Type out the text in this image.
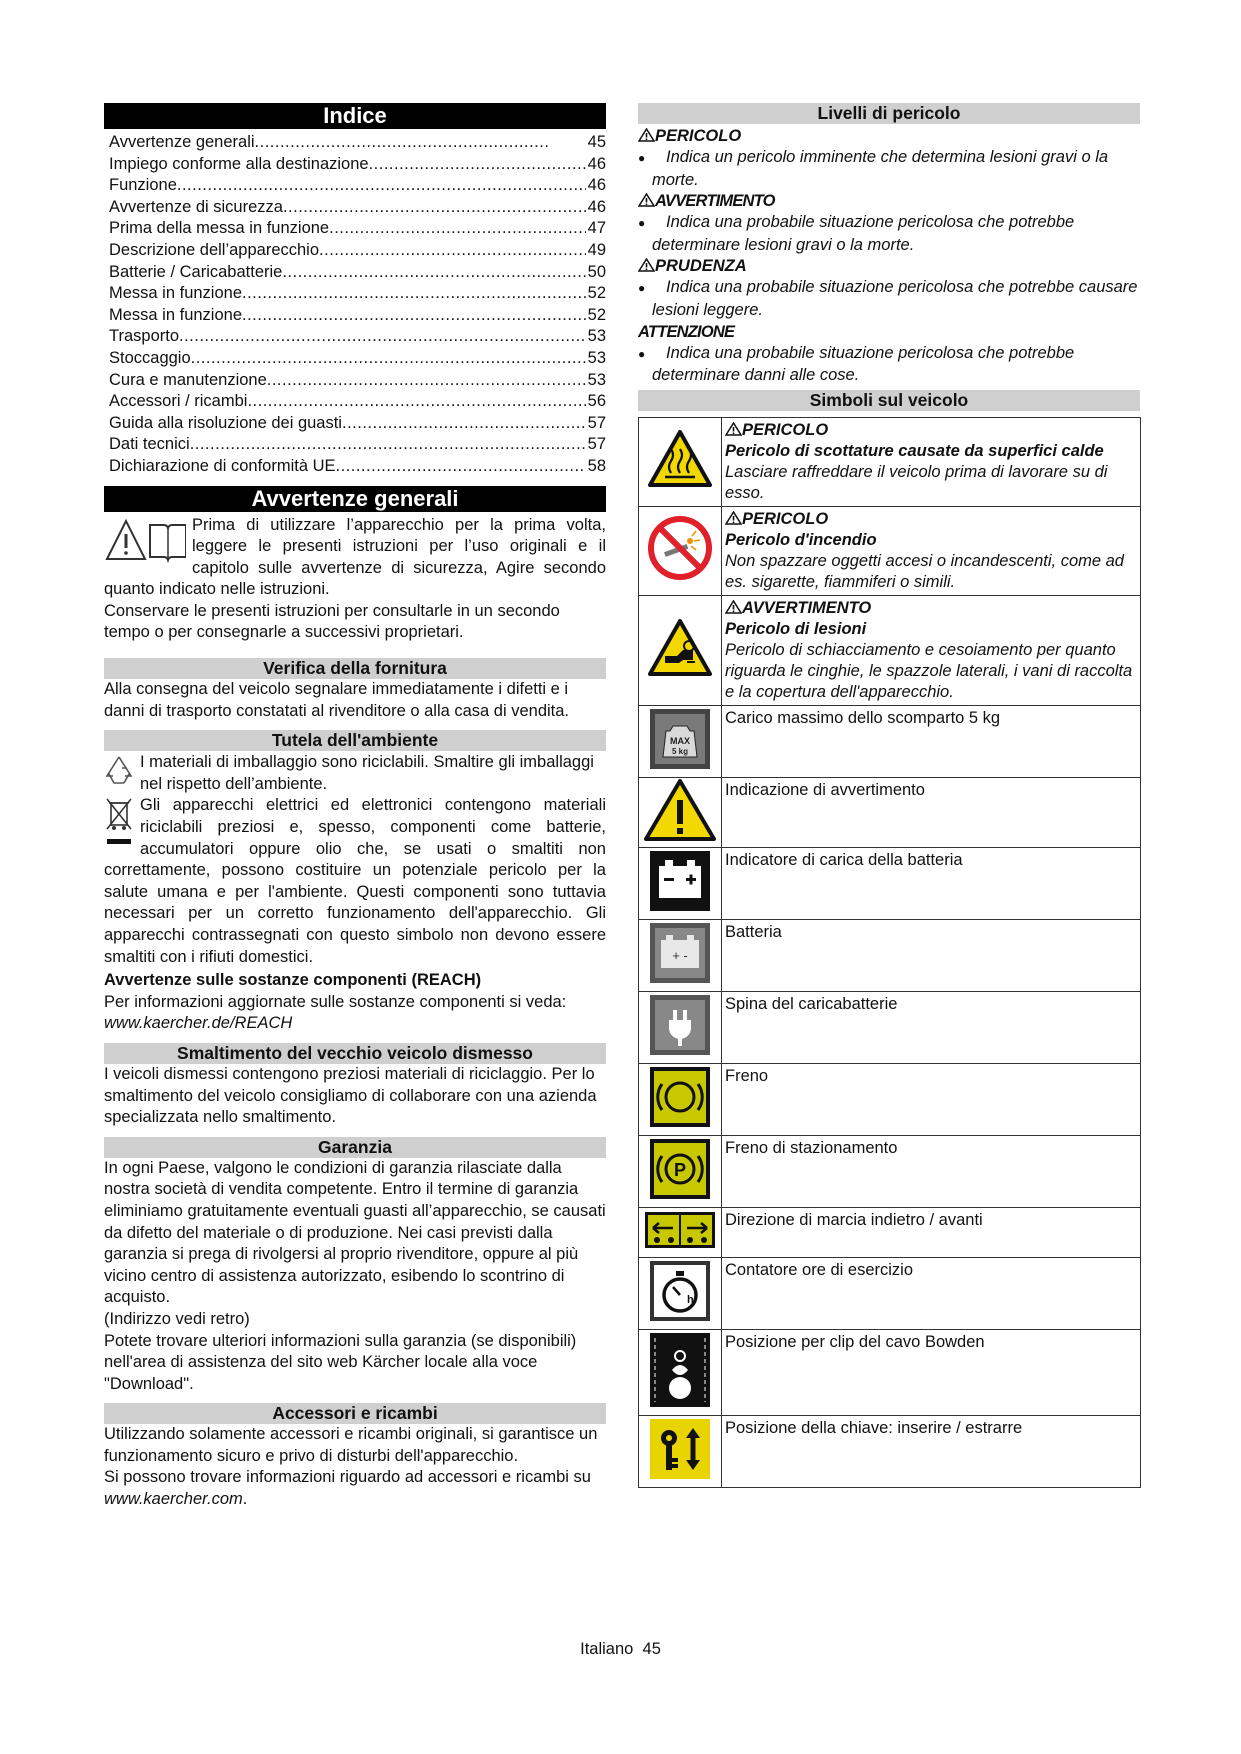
Indice
Avvertenze generali .....	45
Impiego conforme alla destinazione .....	46
Funzione .....	46
Avvertenze di sicurezza .....	46
Prima della messa in funzione .....	47
Descrizione dell’apparecchio .....	49
Batterie / Caricabatterie .....	50
Messa in funzione .....	52
Messa in funzione .....	52
Trasporto .....	53
Stoccaggio .....	53
Cura e manutenzione .....	53
Accessori / ricambi .....	56
Guida alla risoluzione dei guasti .....	57
Dati tecnici .....	57
Dichiarazione di conformità UE .....	58
Avvertenze generali

Prima di utilizzare l’apparecchio per la prima volta, leggere le presenti istruzioni per l’uso originali e il capitolo sulle avvertenze di sicurezza, Agire secondo quanto indicato nelle istruzioni.

Conservare le presenti istruzioni per consultarle in un secondo tempo o per consegnarle a successivi proprietari.

Verifica della fornitura

Alla consegna del veicolo segnalare immediatamente i difetti e i danni di trasporto constatati al rivenditore o alla casa di vendita.

Tutela dell'ambiente

I materiali di imballaggio sono riciclabili. Smaltire gli imballaggi nel rispetto dell’ambiente.

Gli apparecchi elettrici ed elettronici contengono materiali riciclabili preziosi e, spesso, componenti come batterie, accumulatori oppure olio che, se usati o smaltiti non correttamente, possono costituire un potenziale pericolo per la salute umana e per l'ambiente. Questi componenti sono tuttavia necessari per un corretto funzionamento dell'apparecchio. Gli apparecchi contrassegnati con questo simbolo non devono essere smaltiti con i rifiuti domestici.

Avvertenze sulle sostanze componenti (REACH)

Per informazioni aggiornate sulle sostanze componenti si veda:

www.kaercher.de/REACH

Smaltimento del vecchio veicolo dismesso

I veicoli dismessi contengono preziosi materiali di riciclaggio. Per lo smaltimento del veicolo consigliamo di collaborare con una azienda specializzata nello smaltimento.

Garanzia

In ogni Paese, valgono le condizioni di garanzia rilasciate dalla nostra società di vendita competente. Entro il termine di garanzia eliminiamo gratuitamente eventuali guasti all’apparecchio, se causati da difetto del materiale o di produzione. Nei casi previsti dalla garanzia si prega di rivolgersi al proprio rivenditore, oppure al più vicino centro di assistenza autorizzato, esibendo lo scontrino di acquisto.

(Indirizzo vedi retro)

Potete trovare ulteriori informazioni sulla garanzia (se disponibili) nell'area di assistenza del sito web Kärcher locale alla voce "Download".

Accessori e ricambi

Utilizzando solamente accessori e ricambi originali, si garantisce un funzionamento sicuro e privo di disturbi dell'apparecchio.

Si possono trovare informazioni riguardo ad accessori e ricambi su www.kaercher.com.

Livelli di pericolo
PERICOLO
● Indica un pericolo imminente che determina lesioni gravi o la morte.
AVVERTIMENTO
● Indica una probabile situazione pericolosa che potrebbe determinare lesioni gravi o la morte.
PRUDENZA
● Indica una probabile situazione pericolosa che potrebbe causare lesioni leggere.
ATTENZIONE
● Indica una probabile situazione pericolosa che potrebbe determinare danni alle cose.
Simboli sul veicolo

PERICOLO
Pericolo di scottature causate da superfici calde
Lasciare raffreddare il veicolo prima di lavorare su di esso.

PERICOLO
Pericolo d'incendio
Non spazzare oggetti accesi o incandescenti, come ad es. sigarette, fiammiferi o simili.

AVVERTIMENTO
Pericolo di lesioni
Pericolo di schiacciamento e cesoiamento per quanto riguarda le cinghie, le spazzole laterali, i vani di raccolta e la copertura dell'apparecchio.

MAX
5 kg	Carico massimo dello scomparto 5 kg

Indicazione di avvertimento

Indicatore di carica della batteria

+ -	Batteria

Spina del caricabatterie

Freno

P	Freno di stazionamento

Direzione di marcia indietro / avanti

h	Contatore ore di esercizio

Posizione per clip del cavo Bowden

Posizione della chiave: inserire / estrarre
Italiano 45
